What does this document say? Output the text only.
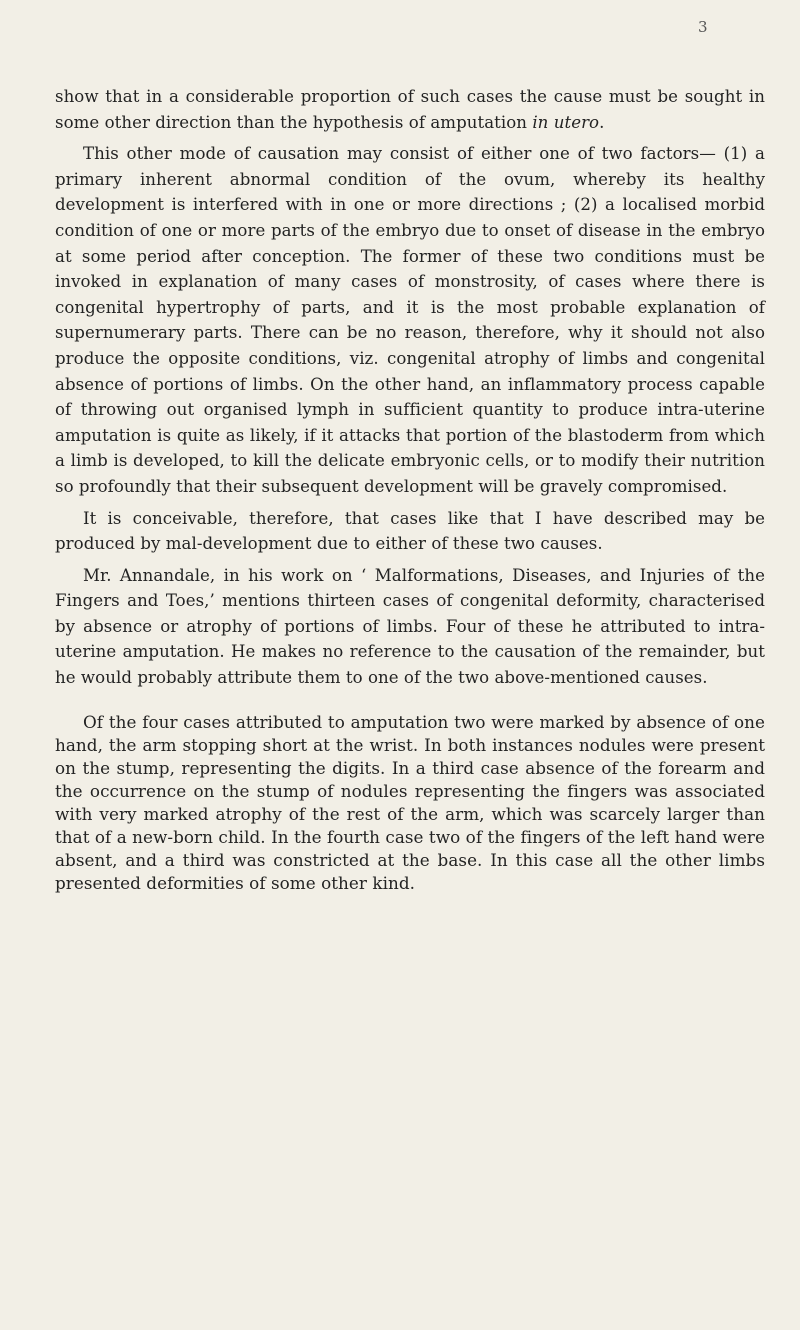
3

show that in a considerable proportion of such cases the cause must be sought in some other direction than the hypothesis of amputation in utero.

This other mode of causation may consist of either one of two factors— (1) a primary inherent abnormal condition of the ovum, whereby its healthy development is interfered with in one or more directions ; (2) a localised morbid condition of one or more parts of the embryo due to onset of disease in the embryo at some period after conception. The former of these two conditions must be invoked in explanation of many cases of monstrosity, of cases where there is congenital hypertrophy of parts, and it is the most probable explanation of supernumerary parts. There can be no reason, therefore, why it should not also produce the opposite conditions, viz. congenital atrophy of limbs and congenital absence of portions of limbs. On the other hand, an inflammatory process capable of throwing out organised lymph in sufficient quantity to produce intra-uterine amputation is quite as likely, if it attacks that portion of the blastoderm from which a limb is developed, to kill the delicate embryonic cells, or to modify their nutrition so profoundly that their subsequent development will be gravely compromised.

It is conceivable, therefore, that cases like that I have described may be produced by mal-development due to either of these two causes.

Mr. Annandale, in his work on ‘ Malformations, Diseases, and Injuries of the Fingers and Toes,’ mentions thirteen cases of congenital deformity, characterised by absence or atrophy of portions of limbs. Four of these he attributed to intra-uterine amputation. He makes no reference to the causation of the remainder, but he would probably attribute them to one of the two above-mentioned causes.

Of the four cases attributed to amputation two were marked by absence of one hand, the arm stopping short at the wrist. In both instances nodules were present on the stump, representing the digits. In a third case absence of the forearm and the occurrence on the stump of nodules representing the fingers was associated with very marked atrophy of the rest of the arm, which was scarcely larger than that of a new-born child. In the fourth case two of the fingers of the left hand were absent, and a third was constricted at the base. In this case all the other limbs presented deformities of some other kind.
